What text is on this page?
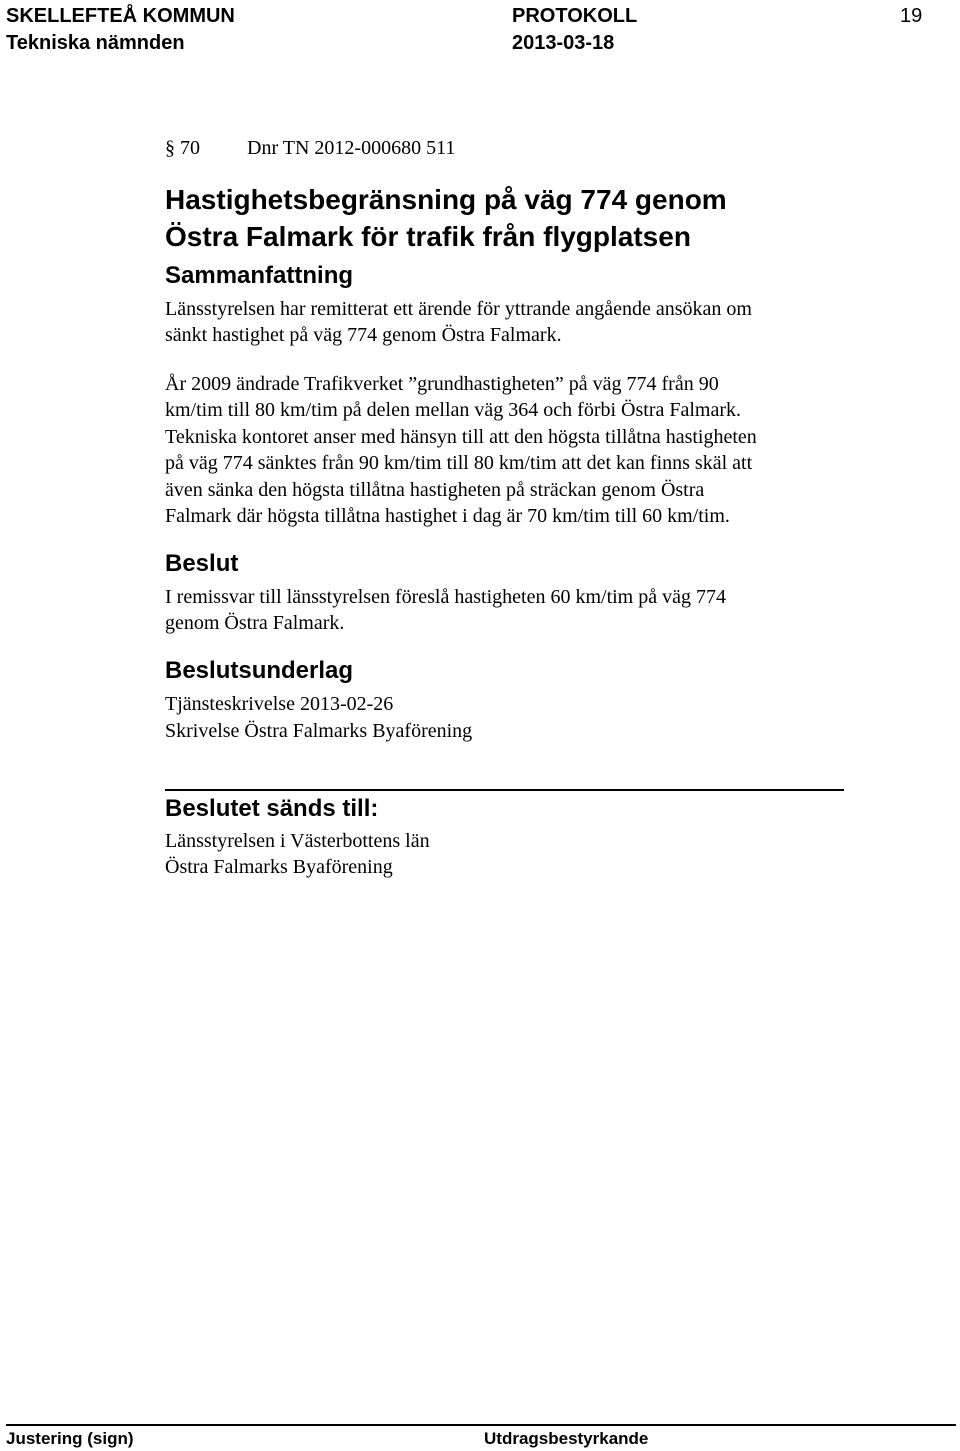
SKELLEFTEÅ KOMMUN	PROTOKOLL	19
Tekniska nämnden	2013-03-18
§ 70 Dnr TN 2012-000680 511
Hastighetsbegränsning på väg 774 genom
Östra Falmark för trafik från flygplatsen
Sammanfattning
Länsstyrelsen har remitterat ett ärende för yttrande angående ansökan om
sänkt hastighet på väg 774 genom Östra Falmark.
År 2009 ändrade Trafikverket ”grundhastigheten” på väg 774 från 90
km/tim till 80 km/tim på delen mellan väg 364 och förbi Östra Falmark.
Tekniska kontoret anser med hänsyn till att den högsta tillåtna hastigheten
på väg 774 sänktes från 90 km/tim till 80 km/tim att det kan finns skäl att
även sänka den högsta tillåtna hastigheten på sträckan genom Östra
Falmark där högsta tillåtna hastighet i dag är 70 km/tim till 60 km/tim.
Beslut
I remissvar till länsstyrelsen föreslå hastigheten 60 km/tim på väg 774
genom Östra Falmark.
Beslutsunderlag
Tjänsteskrivelse 2013-02-26
Skrivelse Östra Falmarks Byaförening
Beslutet sänds till:
Länsstyrelsen i Västerbottens län
Östra Falmarks Byaförening
Justering (sign)	Utdragsbestyrkande
